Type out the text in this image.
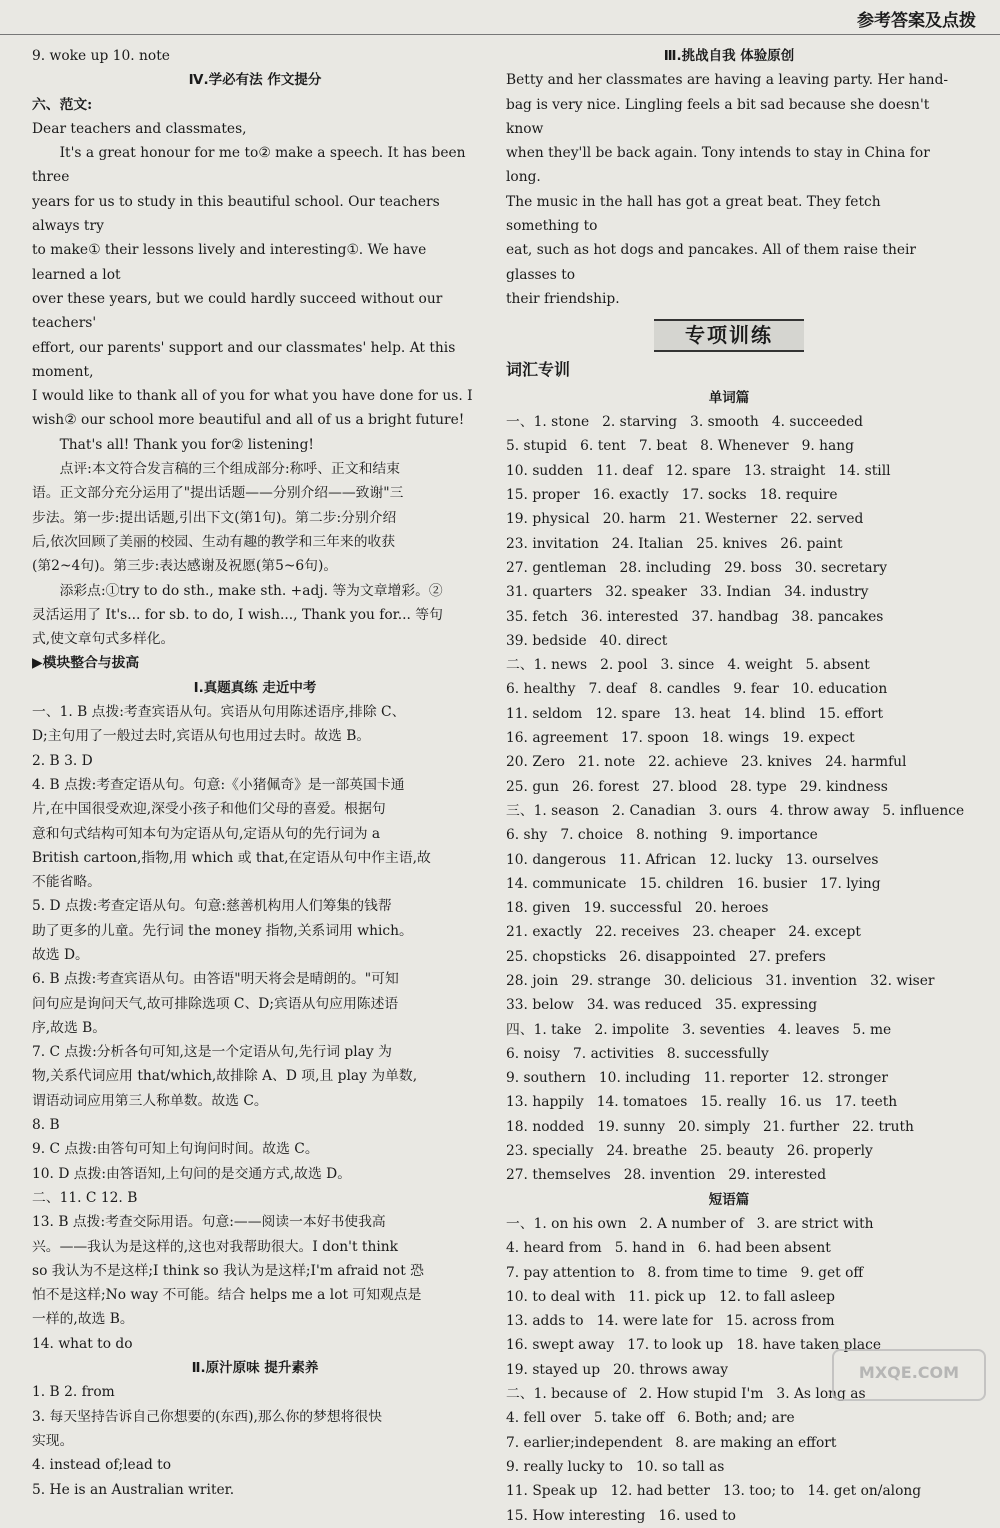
参考答案及点拨

9. woke up 10. note

Ⅳ.学必有法 作文提分

六、范文:

Dear teachers and classmates,

It's a great honour for me to② make a speech. It has been three

years for us to study in this beautiful school. Our teachers always try

to make① their lessons lively and interesting①. We have learned a lot

over these years, but we could hardly succeed without our teachers'

effort, our parents' support and our classmates' help. At this moment,

I would like to thank all of you for what you have done for us. I

wish② our school more beautiful and all of us a bright future!

That's all! Thank you for② listening!

点评:本文符合发言稿的三个组成部分:称呼、正文和结束

语。正文部分充分运用了"提出话题——分别介绍——致谢"三

步法。第一步:提出话题,引出下文(第1句)。第二步:分别介绍

后,依次回顾了美丽的校园、生动有趣的教学和三年来的收获

(第2~4句)。第三步:表达感谢及祝愿(第5~6句)。

添彩点:①try to do sth., make sth. +adj. 等为文章增彩。②

灵活运用了 It's... for sb. to do, I wish..., Thank you for... 等句

式,使文章句式多样化。

▶模块整合与拔高

Ⅰ.真题真练 走近中考

一、1. B 点拨:考查宾语从句。宾语从句用陈述语序,排除 C、

D;主句用了一般过去时,宾语从句也用过去时。故选 B。

2. B 3. D

4. B 点拨:考查定语从句。句意:《小猪佩奇》是一部英国卡通

片,在中国很受欢迎,深受小孩子和他们父母的喜爱。根据句

意和句式结构可知本句为定语从句,定语从句的先行词为 a

British cartoon,指物,用 which 或 that,在定语从句中作主语,故

不能省略。

5. D 点拨:考查定语从句。句意:慈善机构用人们筹集的钱帮

助了更多的儿童。先行词 the money 指物,关系词用 which。

故选 D。

6. B 点拨:考查宾语从句。由答语"明天将会是晴朗的。"可知

问句应是询问天气,故可排除选项 C、D;宾语从句应用陈述语

序,故选 B。

7. C 点拨:分析各句可知,这是一个定语从句,先行词 play 为

物,关系代词应用 that/which,故排除 A、D 项,且 play 为单数,

谓语动词应用第三人称单数。故选 C。

8. B

9. C 点拨:由答句可知上句询问时间。故选 C。

10. D 点拨:由答语知,上句问的是交通方式,故选 D。

二、11. C 12. B

13. B 点拨:考查交际用语。句意:——阅读一本好书使我高

兴。——我认为是这样的,这也对我帮助很大。I don't think

so 我认为不是这样;I think so 我认为是这样;I'm afraid not 恐

怕不是这样;No way 不可能。结合 helps me a lot 可知观点是

一样的,故选 B。

14. what to do

Ⅱ.原汁原味 提升素养

1. B 2. from

3. 每天坚持告诉自己你想要的(东西),那么你的梦想将很快

实现。

4. instead of;lead to

5. He is an Australian writer.

Ⅲ.挑战自我 体验原创

Betty and her classmates are having a leaving party. Her hand-

bag is very nice. Lingling feels a bit sad because she doesn't know

when they'll be back again. Tony intends to stay in China for long.

The music in the hall has got a great beat. They fetch something to

eat, such as hot dogs and pancakes. All of them raise their glasses to

their friendship.

专项训练
词汇专训

单词篇

一、1. stone 2. starving 3. smooth 4. succeeded
5. stupid 6. tent 7. beat 8. Whenever 9. hang
10. sudden 11. deaf 12. spare 13. straight 14. still
15. proper 16. exactly 17. socks 18. require
19. physical 20. harm 21. Westerner 22. served
23. invitation 24. Italian 25. knives 26. paint
27. gentleman 28. including 29. boss 30. secretary
31. quarters 32. speaker 33. Indian 34. industry
35. fetch 36. interested 37. handbag 38. pancakes
39. bedside 40. direct
二、1. news 2. pool 3. since 4. weight 5. absent
6. healthy 7. deaf 8. candles 9. fear 10. education
11. seldom 12. spare 13. heat 14. blind 15. effort
16. agreement 17. spoon 18. wings 19. expect
20. Zero 21. note 22. achieve 23. knives 24. harmful
25. gun 26. forest 27. blood 28. type 29. kindness
三、1. season 2. Canadian 3. ours 4. throw away 5. influence
6. shy 7. choice 8. nothing 9. importance
10. dangerous 11. African 12. lucky 13. ourselves
14. communicate 15. children 16. busier 17. lying
18. given 19. successful 20. heroes
21. exactly 22. receives 23. cheaper 24. except
25. chopsticks 26. disappointed 27. prefers
28. join 29. strange 30. delicious 31. invention 32. wiser
33. below 34. was reduced 35. expressing
四、1. take 2. impolite 3. seventies 4. leaves 5. me
6. noisy 7. activities 8. successfully
9. southern 10. including 11. reporter 12. stronger
13. happily 14. tomatoes 15. really 16. us 17. teeth
18. nodded 19. sunny 20. simply 21. further 22. truth
23. specially 24. breathe 25. beauty 26. properly
27. themselves 28. invention 29. interested

短语篇

一、1. on his own 2. A number of 3. are strict with
4. heard from 5. hand in 6. had been absent
7. pay attention to 8. from time to time 9. get off
10. to deal with 11. pick up 12. to fall asleep
13. adds to 14. were late for 15. across from
16. swept away 17. to look up 18. have taken place
19. stayed up 20. throws away
二、1. because of 2. How stupid I'm 3. As long as
4. fell over 5. take off 6. Both; and; are
7. earlier;independent 8. are making an effort
9. really lucky to 10. so tall as
11. Speak up 12. had better 13. too; to 14. get on/along
15. How interesting 16. used to
MXQE.COM
